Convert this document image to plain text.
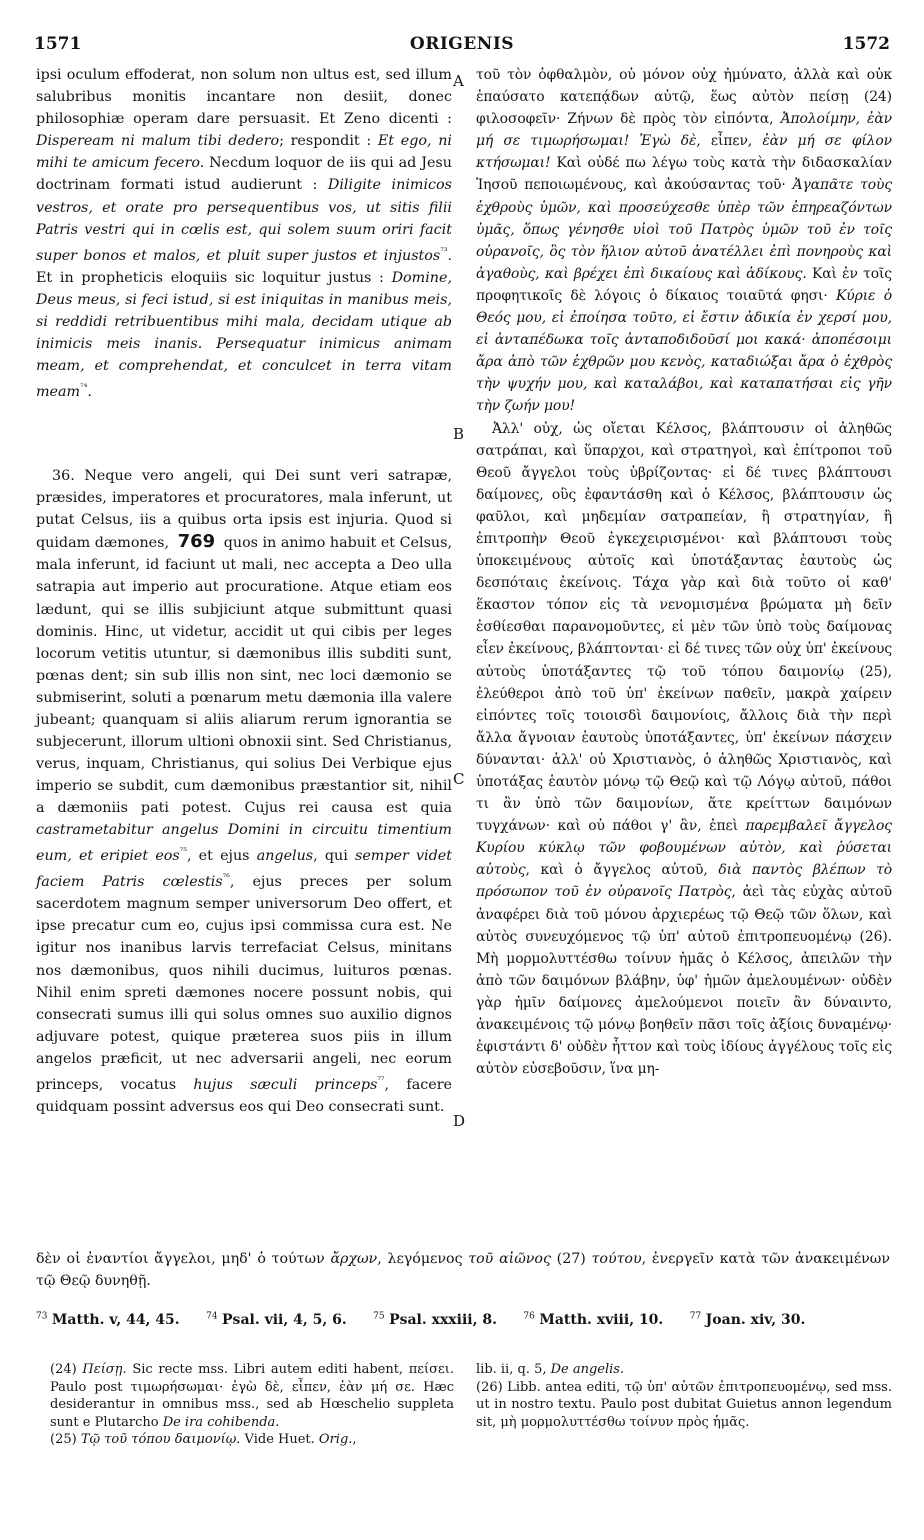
1571	ORIGENIS	1572

ipsi oculum effoderat, non solum non ultus est, sed illum salubribus monitis incantare non desiit, donec philosophiæ operam dare persuasit. Et Zeno dicenti : Dispeream ni malum tibi dedero; respondit : Et ego, ni mihi te amicum fecero. Necdum loquor de iis qui ad Jesu doctrinam formati istud audierunt : Diligite inimicos vestros, et orate pro persequentibus vos, ut sitis filii Patris vestri qui in cœlis est, qui solem suum oriri facit super bonos et malos, et pluit super justos et injustos$^{^{73}}$. Et in propheticis eloquiis sic loquitur justus : Domine, Deus meus, si feci istud, si est iniquitas in manibus meis, si reddidi retribuentibus mihi mala, decidam utique ab inimicis meis inanis. Persequatur inimicus animam meam, et comprehendat, et conculcet in terra vitam meam$^{^{74}}$.

36. Neque vero angeli, qui Dei sunt veri satrapæ, præsides, imperatores et procuratores, mala inferunt, ut putat Celsus, iis a quibus orta ipsis est injuria. Quod si quidam dæmones, 769 quos in animo habuit et Celsus, mala inferunt, id faciunt ut mali, nec accepta a Deo ulla satrapia aut imperio aut procuratione. Atque etiam eos lædunt, qui se illis subjiciunt atque submittunt quasi dominis. Hinc, ut videtur, accidit ut qui cibis per leges locorum vetitis utuntur, si dæmonibus illis subditi sunt, pœnas dent; sin sub illis non sint, nec loci dæmonio se submiserint, soluti a pœnarum metu dæmonia illa valere jubeant; quanquam si aliis aliarum rerum ignorantia se subjecerunt, illorum ultioni obnoxii sint. Sed Christianus, verus, inquam, Christianus, qui solius Dei Verbique ejus imperio se subdit, cum dæmonibus præstantior sit, nihil a dæmoniis pati potest. Cujus rei causa est quia castrametabitur angelus Domini in circuitu timentium eum, et eripiet eos$^{^{75}}$, et ejus angelus, qui semper videt faciem Patris cœlestis$^{^{76}}$, ejus preces per solum sacerdotem magnum semper universorum Deo offert, et ipse precatur cum eo, cujus ipsi commissa cura est. Ne igitur nos inanibus larvis terrefaciat Celsus, minitans nos dæmonibus, quos nihili ducimus, luituros pœnas. Nihil enim spreti dæmones nocere possunt nobis, qui consecrati sumus illi qui solus omnes suo auxilio dignos adjuvare potest, quique præterea suos piis in illum angelos præficit, ut nec adversarii angeli, nec eorum princeps, vocatus hujus sæculi princeps$^{^{77}}$, facere quidquam possint adversus eos qui Deo consecrati sunt.

τοῦ τὸν ὀφθαλμὸν, οὐ μόνον οὐχ ἠμύνατο, ἀλλὰ καὶ οὐκ ἐπαύσατο κατεπᾴδων αὐτῷ, ἕως αὐτὸν πείσῃ (24) φιλοσοφεῖν· Ζήνων δὲ πρὸς τὸν εἰπόντα, Ἀπολοίμην, ἐὰν μή σε τιμωρήσωμαι! Ἐγὼ δὲ, εἶπεν, ἐὰν μή σε φίλον κτήσωμαι! Καὶ οὐδέ πω λέγω τοὺς κατὰ τὴν διδασκαλίαν Ἰησοῦ πεποιωμένους, καὶ ἀκούσαντας τοῦ· Ἀγαπᾶτε τοὺς ἐχθροὺς ὑμῶν, καὶ προσεύχεσθε ὑπὲρ τῶν ἐπηρεαζόντων ὑμᾶς, ὅπως γένησθε υἱοὶ τοῦ Πατρὸς ὑμῶν τοῦ ἐν τοῖς οὐρανοῖς, ὃς τὸν ἥλιον αὐτοῦ ἀνατέλλει ἐπὶ πονηροὺς καὶ ἀγαθοὺς, καὶ βρέχει ἐπὶ δικαίους καὶ ἀδίκους. Καὶ ἐν τοῖς προφητικοῖς δὲ λόγοις ὁ δίκαιος τοιαῦτά φησι· Κύριε ὁ Θεός μου, εἰ ἐποίησα τοῦτο, εἰ ἔστιν ἀδικία ἐν χερσί μου, εἰ ἀνταπέδωκα τοῖς ἀνταποδιδοῦσί μοι κακά· ἀποπέσοιμι ἄρα ἀπὸ τῶν ἐχθρῶν μου κενὸς, καταδιώξαι ἄρα ὁ ἐχθρὸς τὴν ψυχήν μου, καὶ καταλάβοι, καὶ καταπατήσαι εἰς γῆν τὴν ζωήν μου!

Ἀλλ' οὐχ, ὡς οἴεται Κέλσος, βλάπτουσιν οἱ ἀληθῶς σατράπαι, καὶ ὕπαρχοι, καὶ στρατηγοὶ, καὶ ἐπίτροποι τοῦ Θεοῦ ἄγγελοι τοὺς ὑβρίζοντας· εἰ δέ τινες βλάπτουσι δαίμονες, οὓς ἐφαντάσθη καὶ ὁ Κέλσος, βλάπτουσιν ὡς φαῦλοι, καὶ μηδεμίαν σατραπείαν, ἢ στρατηγίαν, ἢ ἐπιτροπὴν Θεοῦ ἐγκεχειρισμένοι· καὶ βλάπτουσι τοὺς ὑποκειμένους αὐτοῖς καὶ ὑποτάξαντας ἑαυτοὺς ὡς δεσπόταις ἐκείνοις. Τάχα γὰρ καὶ διὰ τοῦτο οἱ καθ' ἕκαστον τόπον εἰς τὰ νενομισμένα βρώματα μὴ δεῖν ἐσθίεσθαι παρανομοῦντες, εἰ μὲν τῶν ὑπὸ τοὺς δαίμονας εἶεν ἐκείνους, βλάπτονται· εἰ δέ τινες τῶν οὐχ ὑπ' ἐκείνους αὐτοὺς ὑποτάξαντες τῷ τοῦ τόπου δαιμονίῳ (25), ἐλεύθεροι ἀπὸ τοῦ ὑπ' ἐκείνων παθεῖν, μακρὰ χαίρειν εἰπόντες τοῖς τοιοισδὶ δαιμονίοις, ἄλλοις διὰ τὴν περὶ ἄλλα ἄγνοιαν ἑαυτοὺς ὑποτάξαντες, ὑπ' ἐκείνων πάσχειν δύνανται· ἀλλ' οὐ Χριστιανὸς, ὁ ἀληθῶς Χριστιανὸς, καὶ ὑποτάξας ἑαυτὸν μόνῳ τῷ Θεῷ καὶ τῷ Λόγῳ αὐτοῦ, πάθοι τι ἂν ὑπὸ τῶν δαιμονίων, ἅτε κρείττων δαιμόνων τυγχάνων· καὶ οὐ πάθοι γ' ἂν, ἐπεὶ παρεμβαλεῖ ἄγγελος Κυρίου κύκλῳ τῶν φοβουμένων αὐτὸν, καὶ ῥύσεται αὐτοὺς, καὶ ὁ ἄγγελος αὐτοῦ, διὰ παντὸς βλέπων τὸ πρόσωπον τοῦ ἐν οὐρανοῖς Πατρὸς, ἀεὶ τὰς εὐχὰς αὐτοῦ ἀναφέρει διὰ τοῦ μόνου ἀρχιερέως τῷ Θεῷ τῶν ὅλων, καὶ αὐτὸς συνευχόμενος τῷ ὑπ' αὐτοῦ ἐπιτροπευομένῳ (26). Μὴ μορμολυττέσθω τοίνυν ἡμᾶς ὁ Κέλσος, ἀπειλῶν τὴν ἀπὸ τῶν δαιμόνων βλάβην, ὑφ' ἡμῶν ἀμελουμένων· οὐδὲν γὰρ ἡμῖν δαίμονες ἀμελούμενοι ποιεῖν ἂν δύναιντο, ἀνακειμένοις τῷ μόνῳ βοηθεῖν πᾶσι τοῖς ἀξίοις δυναμένῳ· ἐφιστάντι δ' οὐδὲν ἧττον καὶ τοὺς ἰδίους ἀγγέλους τοῖς εἰς αὐτὸν εὐσεβοῦσιν, ἵνα μη-

A
B
C
D

δὲν οἱ ἐναντίοι ἄγγελοι, μηδ' ὁ τούτων ἄρχων, λεγόμενος τοῦ αἰῶνος (27) τούτου, ἐνεργεῖν κατὰ τῶν ἀνακειμένων τῷ Θεῷ δυνηθῇ.

$^{73}$ Matth. v, 44, 45.	$^{74}$ Psal. vii, 4, 5, 6.	$^{75}$ Psal. xxxiii, 8.	$^{76}$ Matth. xviii, 10.	$^{77}$ Joan. xiv, 30.

(24) Πείσῃ. Sic recte mss. Libri autem editi habent, πείσει. Paulo post τιμωρήσωμαι· ἐγὼ δὲ, εἶπεν, ἐὰν μή σε. Hæc desiderantur in omnibus mss., sed ab Hœschelio suppleta sunt e Plutarcho De ira cohibenda.

(25) Τῷ τοῦ τόπου δαιμονίῳ. Vide Huet. Orig.,

lib. ii, q. 5, De angelis.

(26) Libb. antea editi, τῷ ὑπ' αὐτῶν ἐπιτροπευομένῳ, sed mss. ut in nostro textu. Paulo post dubitat Guietus annon legendum sit, μὴ μορμολυττέσθω τοίνυν πρὸς ἡμᾶς.
